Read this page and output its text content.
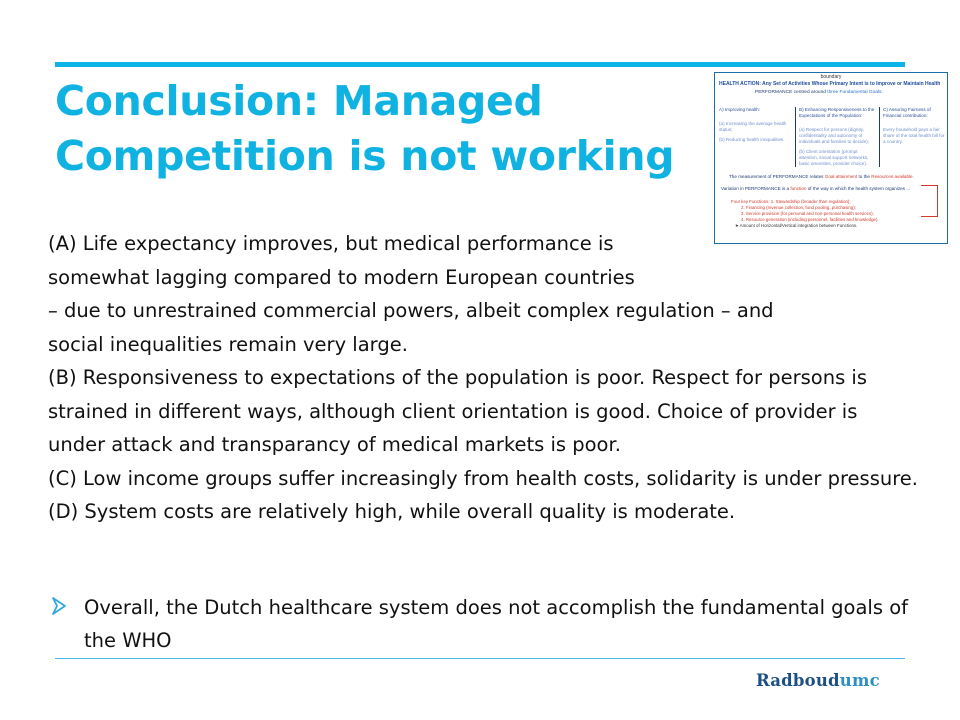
Conclusion: Managed
Competition is not working
boundary
HEALTH ACTION: Any Set of Activities Whose Primary Intent is to Improve or Maintain Health
PERFORMANCE centred around three Fundamental Goals:
A) Improving health:
(a) Increasing the average health status;
(b) Reducing health inequalities.
B) Enhancing Responsiveness to the Expectations of the Population:
(a) Respect for persons (dignity, confidentiality and autonomy of individuals and families to decide);
(b) Client orientation (prompt attention, social support networks, basic amenities, provider choice).
C) Assuring Fairness of Financial contribution:
Every household pays a fair share of the total health bill for a country.
The measurement of PERFORMANCE relates Goal attainment to the Resources available.
Variation in PERFORMANCE is a function of the way in which the health system organizes ...
Four key Functions: 1. Stewardship (broader than regulation);
2. Financing (revenue collection, fund pooling, purchasing);
3. Service provision (for personal and non-personal health services);
4. Resource generation (including personnel, facilities and knowledge).
➤ Amount of Horizontal/Vertical integration between Functions.

(A) Life expectancy improves, but medical performance is
somewhat lagging compared to modern European countries
– due to unrestrained commercial powers, albeit complex regulation – and
social inequalities remain very large.

(B) Responsiveness to expectations of the population is poor. Respect for persons is strained in different ways, although client orientation is good. Choice of provider is under attack and transparancy of medical markets is poor.

(C) Low income groups suffer increasingly from health costs, solidarity is under pressure.

(D) System costs are relatively high, while overall quality is moderate.

Overall, the Dutch healthcare system does not accomplish the fundamental goals of the WHO
Radboudumc
